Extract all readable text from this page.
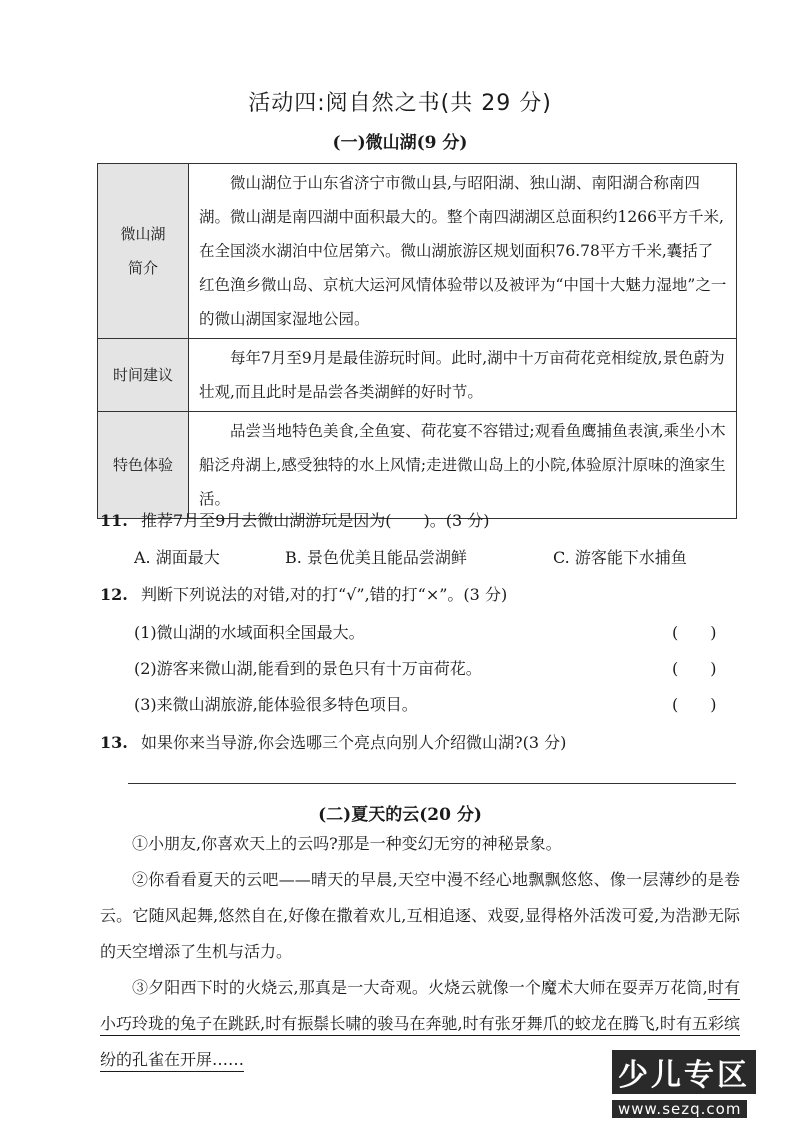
活动四:阅自然之书(共 29 分)
(一)微山湖(9 分)
微山湖
简介	微山湖位于山东省济宁市微山县,与昭阳湖、独山湖、南阳湖合称南四湖。微山湖是南四湖中面积最大的。整个南四湖湖区总面积约1266平方千米,在全国淡水湖泊中位居第六。微山湖旅游区规划面积76.78平方千米,囊括了红色渔乡微山岛、京杭大运河风情体验带以及被评为“中国十大魅力湿地”之一的微山湖国家湿地公园。
时间建议	每年7月至9月是最佳游玩时间。此时,湖中十万亩荷花竞相绽放,景色蔚为壮观,而且此时是品尝各类湖鲜的好时节。
特色体验	品尝当地特色美食,全鱼宴、荷花宴不容错过;观看鱼鹰捕鱼表演,乘坐小木船泛舟湖上,感受独特的水上风情;走进微山岛上的小院,体验原汁原味的渔家生活。
11. 推荐7月至9月去微山湖游玩是因为(　　)。(3 分)
A. 湖面最大	B. 景色优美且能品尝湖鲜	C. 游客能下水捕鱼
12. 判断下列说法的对错,对的打“√”,错的打“×”。(3 分)
(1)微山湖的水域面积全国最大。	(　　)
(2)游客来微山湖,能看到的景色只有十万亩荷花。	(　　)
(3)来微山湖旅游,能体验很多特色项目。	(　　)
13. 如果你来当导游,你会选哪三个亮点向别人介绍微山湖?(3 分)
(二)夏天的云(20 分)
①小朋友,你喜欢天上的云吗?那是一种变幻无穷的神秘景象。
②你看看夏天的云吧——晴天的早晨,天空中漫不经心地飘飘悠悠、像一层薄纱的是卷云。它随风起舞,悠然自在,好像在撒着欢儿,互相追逐、戏耍,显得格外活泼可爱,为浩渺无际的天空增添了生机与活力。
③夕阳西下时的火烧云,那真是一大奇观。火烧云就像一个魔术大师在耍弄万花筒,时有小巧玲珑的兔子在跳跃,时有振鬃长啸的骏马在奔驰,时有张牙舞爪的蛟龙在腾飞,时有五彩缤纷的孔雀在开屏……	少儿专区
www.sezq.com
